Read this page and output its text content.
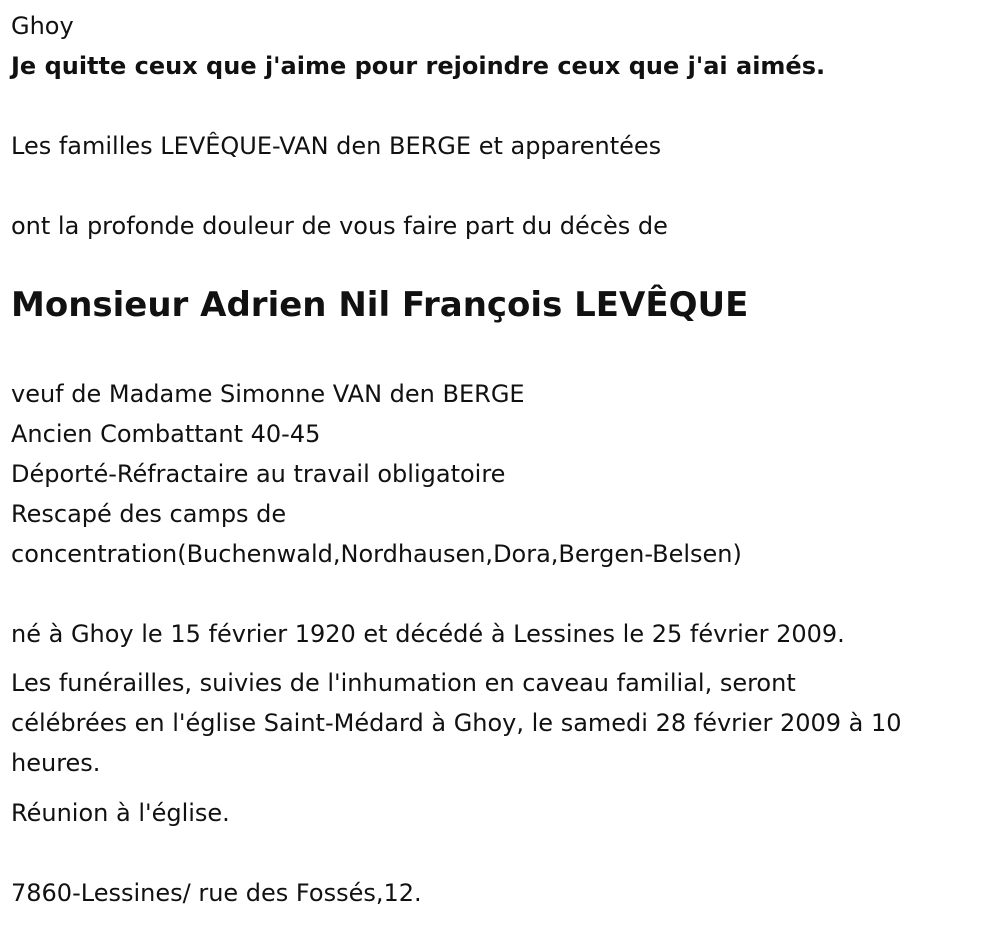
Ghoy
Je quitte ceux que j'aime pour rejoindre ceux que j'ai aimés.
Les familles LEVÊQUE-VAN den BERGE et apparentées
ont la profonde douleur de vous faire part du décès de
Monsieur Adrien Nil François LEVÊQUE
veuf de Madame Simonne VAN den BERGE
Ancien Combattant 40-45
Déporté-Réfractaire au travail obligatoire
Rescapé des camps de
concentration(Buchenwald,Nordhausen,Dora,Bergen-Belsen)
né à Ghoy le 15 février 1920 et décédé à Lessines le 25 février 2009.
Les funérailles, suivies de l'inhumation en caveau familial, seront
célébrées en l'église Saint-Médard à Ghoy, le samedi 28 février 2009 à 10
heures.
Réunion à l'église.
7860-Lessines/ rue des Fossés,12.
